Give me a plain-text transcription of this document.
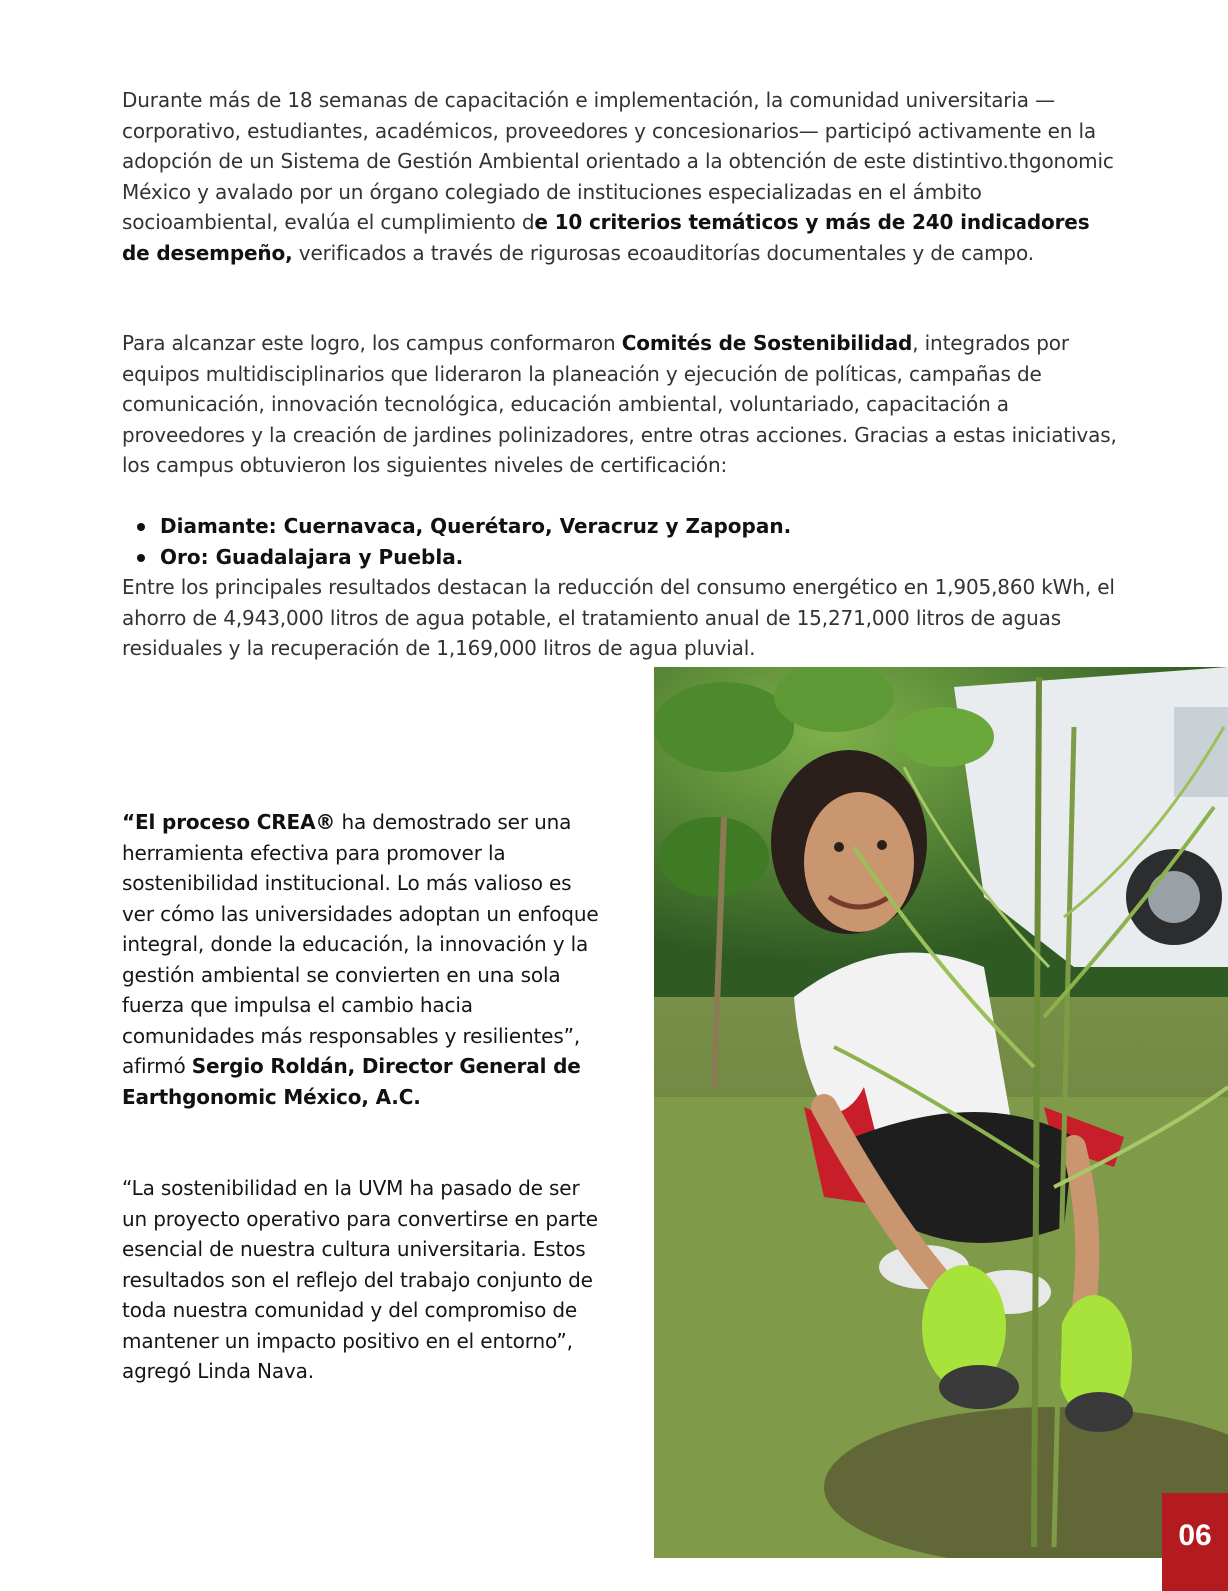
Durante más de 18 semanas de capacitación e implementación, la comunidad universitaria —corporativo, estudiantes, académicos, proveedores y concesionarios— participó activamente en la adopción de un Sistema de Gestión Ambiental orientado a la obtención de este distintivo.thgonomic México y avalado por un órgano colegiado de instituciones especializadas en el ámbito socioambiental, evalúa el cumplimiento de 10 criterios temáticos y más de 240 indicadores de desempeño, verificados a través de rigurosas ecoauditorías documentales y de campo.

Para alcanzar este logro, los campus conformaron Comités de Sostenibilidad, integrados por equipos multidisciplinarios que lideraron la planeación y ejecución de políticas, campañas de comunicación, innovación tecnológica, educación ambiental, voluntariado, capacitación a proveedores y la creación de jardines polinizadores, entre otras acciones. Gracias a estas iniciativas, los campus obtuvieron los siguientes niveles de certificación:

Diamante: Cuernavaca, Querétaro, Veracruz y Zapopan.
Oro: Guadalajara y Puebla.

Entre los principales resultados destacan la reducción del consumo energético en 1,905,860 kWh, el ahorro de 4,943,000 litros de agua potable, el tratamiento anual de 15,271,000 litros de aguas residuales y la recuperación de 1,169,000 litros de agua pluvial.

“El proceso CREA® ha demostrado ser una herramienta efectiva para promover la sostenibilidad institucional. Lo más valioso es ver cómo las universidades adoptan un enfoque integral, donde la educación, la innovación y la gestión ambiental se convierten en una sola fuerza que impulsa el cambio hacia comunidades más responsables y resilientes”, afirmó Sergio Roldán, Director General de Earthgonomic México, A.C.

“La sostenibilidad en la UVM ha pasado de ser un proyecto operativo para convertirse en parte esencial de nuestra cultura universitaria. Estos resultados son el reflejo del trabajo conjunto de toda nuestra comunidad y del compromiso de mantener un impacto positivo en el entorno”, agregó Linda Nava.

06
